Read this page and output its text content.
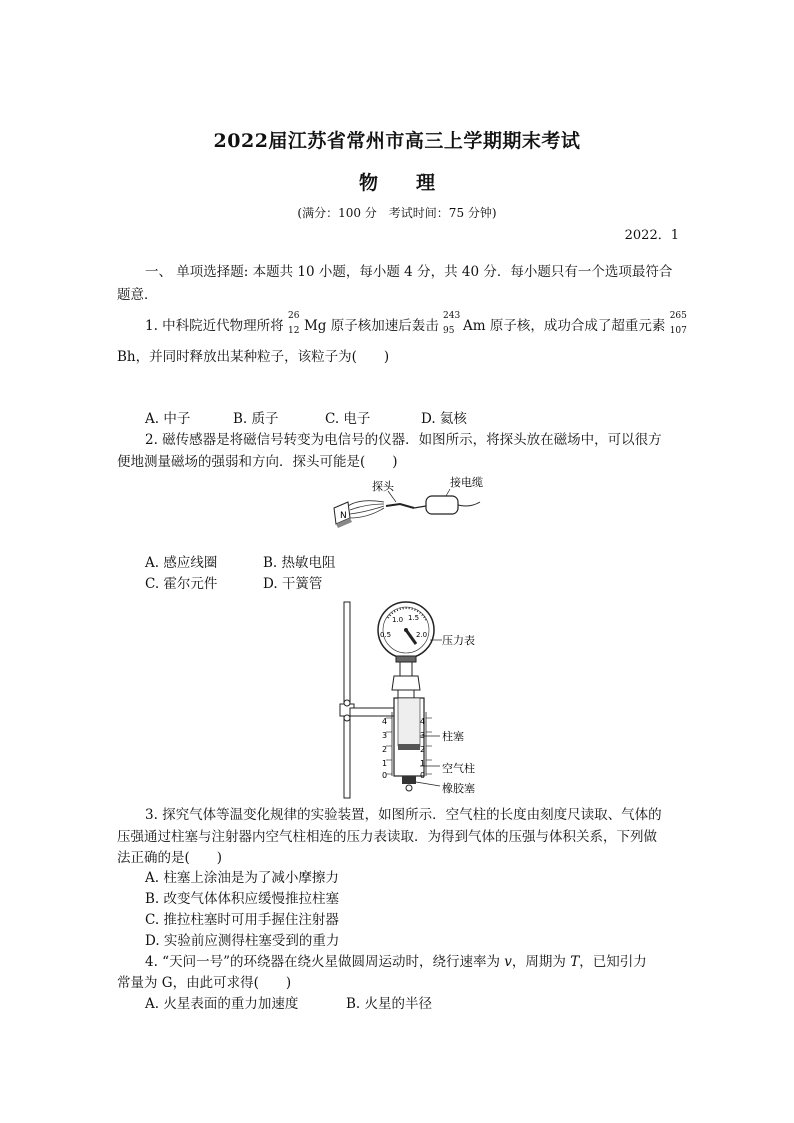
2022届江苏省常州市高三上学期期末考试
物　　理
(满分：100 分　考试时间：75 分钟)
2022．1
一、 单项选择题: 本题共 10 小题，每小题 4 分，共 40 分．每小题只有一个选项最符合
题意．
1. 中科院近代物理所将
26
12 Mg 原子核加速后轰击
243
95 Am 原子核，成功合成了超重元素
265
107
Bh，并同时释放出某种粒子，该粒子为(　　)
A. 中子	B. 质子	C. 电子	D. 氦核
2. 磁传感器是将磁信号转变为电信号的仪器．如图所示，将探头放在磁场中，可以很方
便地测量磁场的强弱和方向．探头可能是(　　)
N
探头	接电缆
A. 感应线圈	B. 热敏电阻
C. 霍尔元件	D. 干簧管
0.5
1.0 1.5
2.0
4
3
2
1
0
4
3
2
1
0
压力表
柱塞
空气柱
橡胶塞
3. 探究气体等温变化规律的实验装置，如图所示．空气柱的长度由刻度尺读取、气体的
压强通过柱塞与注射器内空气柱相连的压力表读取．为得到气体的压强与体积关系，下列做
法正确的是(　　)
A. 柱塞上涂油是为了减小摩擦力
B. 改变气体体积应缓慢推拉柱塞
C. 推拉柱塞时可用手握住注射器
D. 实验前应测得柱塞受到的重力
4. “天问一号”的环绕器在绕火星做圆周运动时，绕行速率为 v，周期为 T，已知引力
常量为 G，由此可求得(　　)
A. 火星表面的重力加速度	B. 火星的半径
